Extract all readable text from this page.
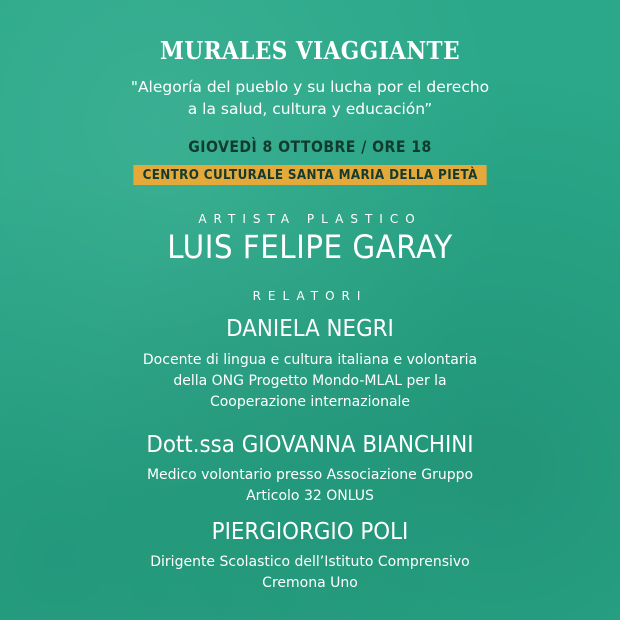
MURALES VIAGGIANTE
"Alegoría del pueblo y su lucha por el derecho
a la salud, cultura y educación”
GIOVEDÌ 8 OTTOBRE / ORE 18
CENTRO CULTURALE SANTA MARIA DELLA PIETÀ
ARTISTA PLASTICO
LUIS FELIPE GARAY
RELATORI
DANIELA NEGRI
Docente di lingua e cultura italiana e volontaria
della ONG Progetto Mondo-MLAL per la
Cooperazione internazionale
Dott.ssa GIOVANNA BIANCHINI
Medico volontario presso Associazione Gruppo
Articolo 32 ONLUS
PIERGIORGIO POLI
Dirigente Scolastico dell’Istituto Comprensivo
Cremona Uno
